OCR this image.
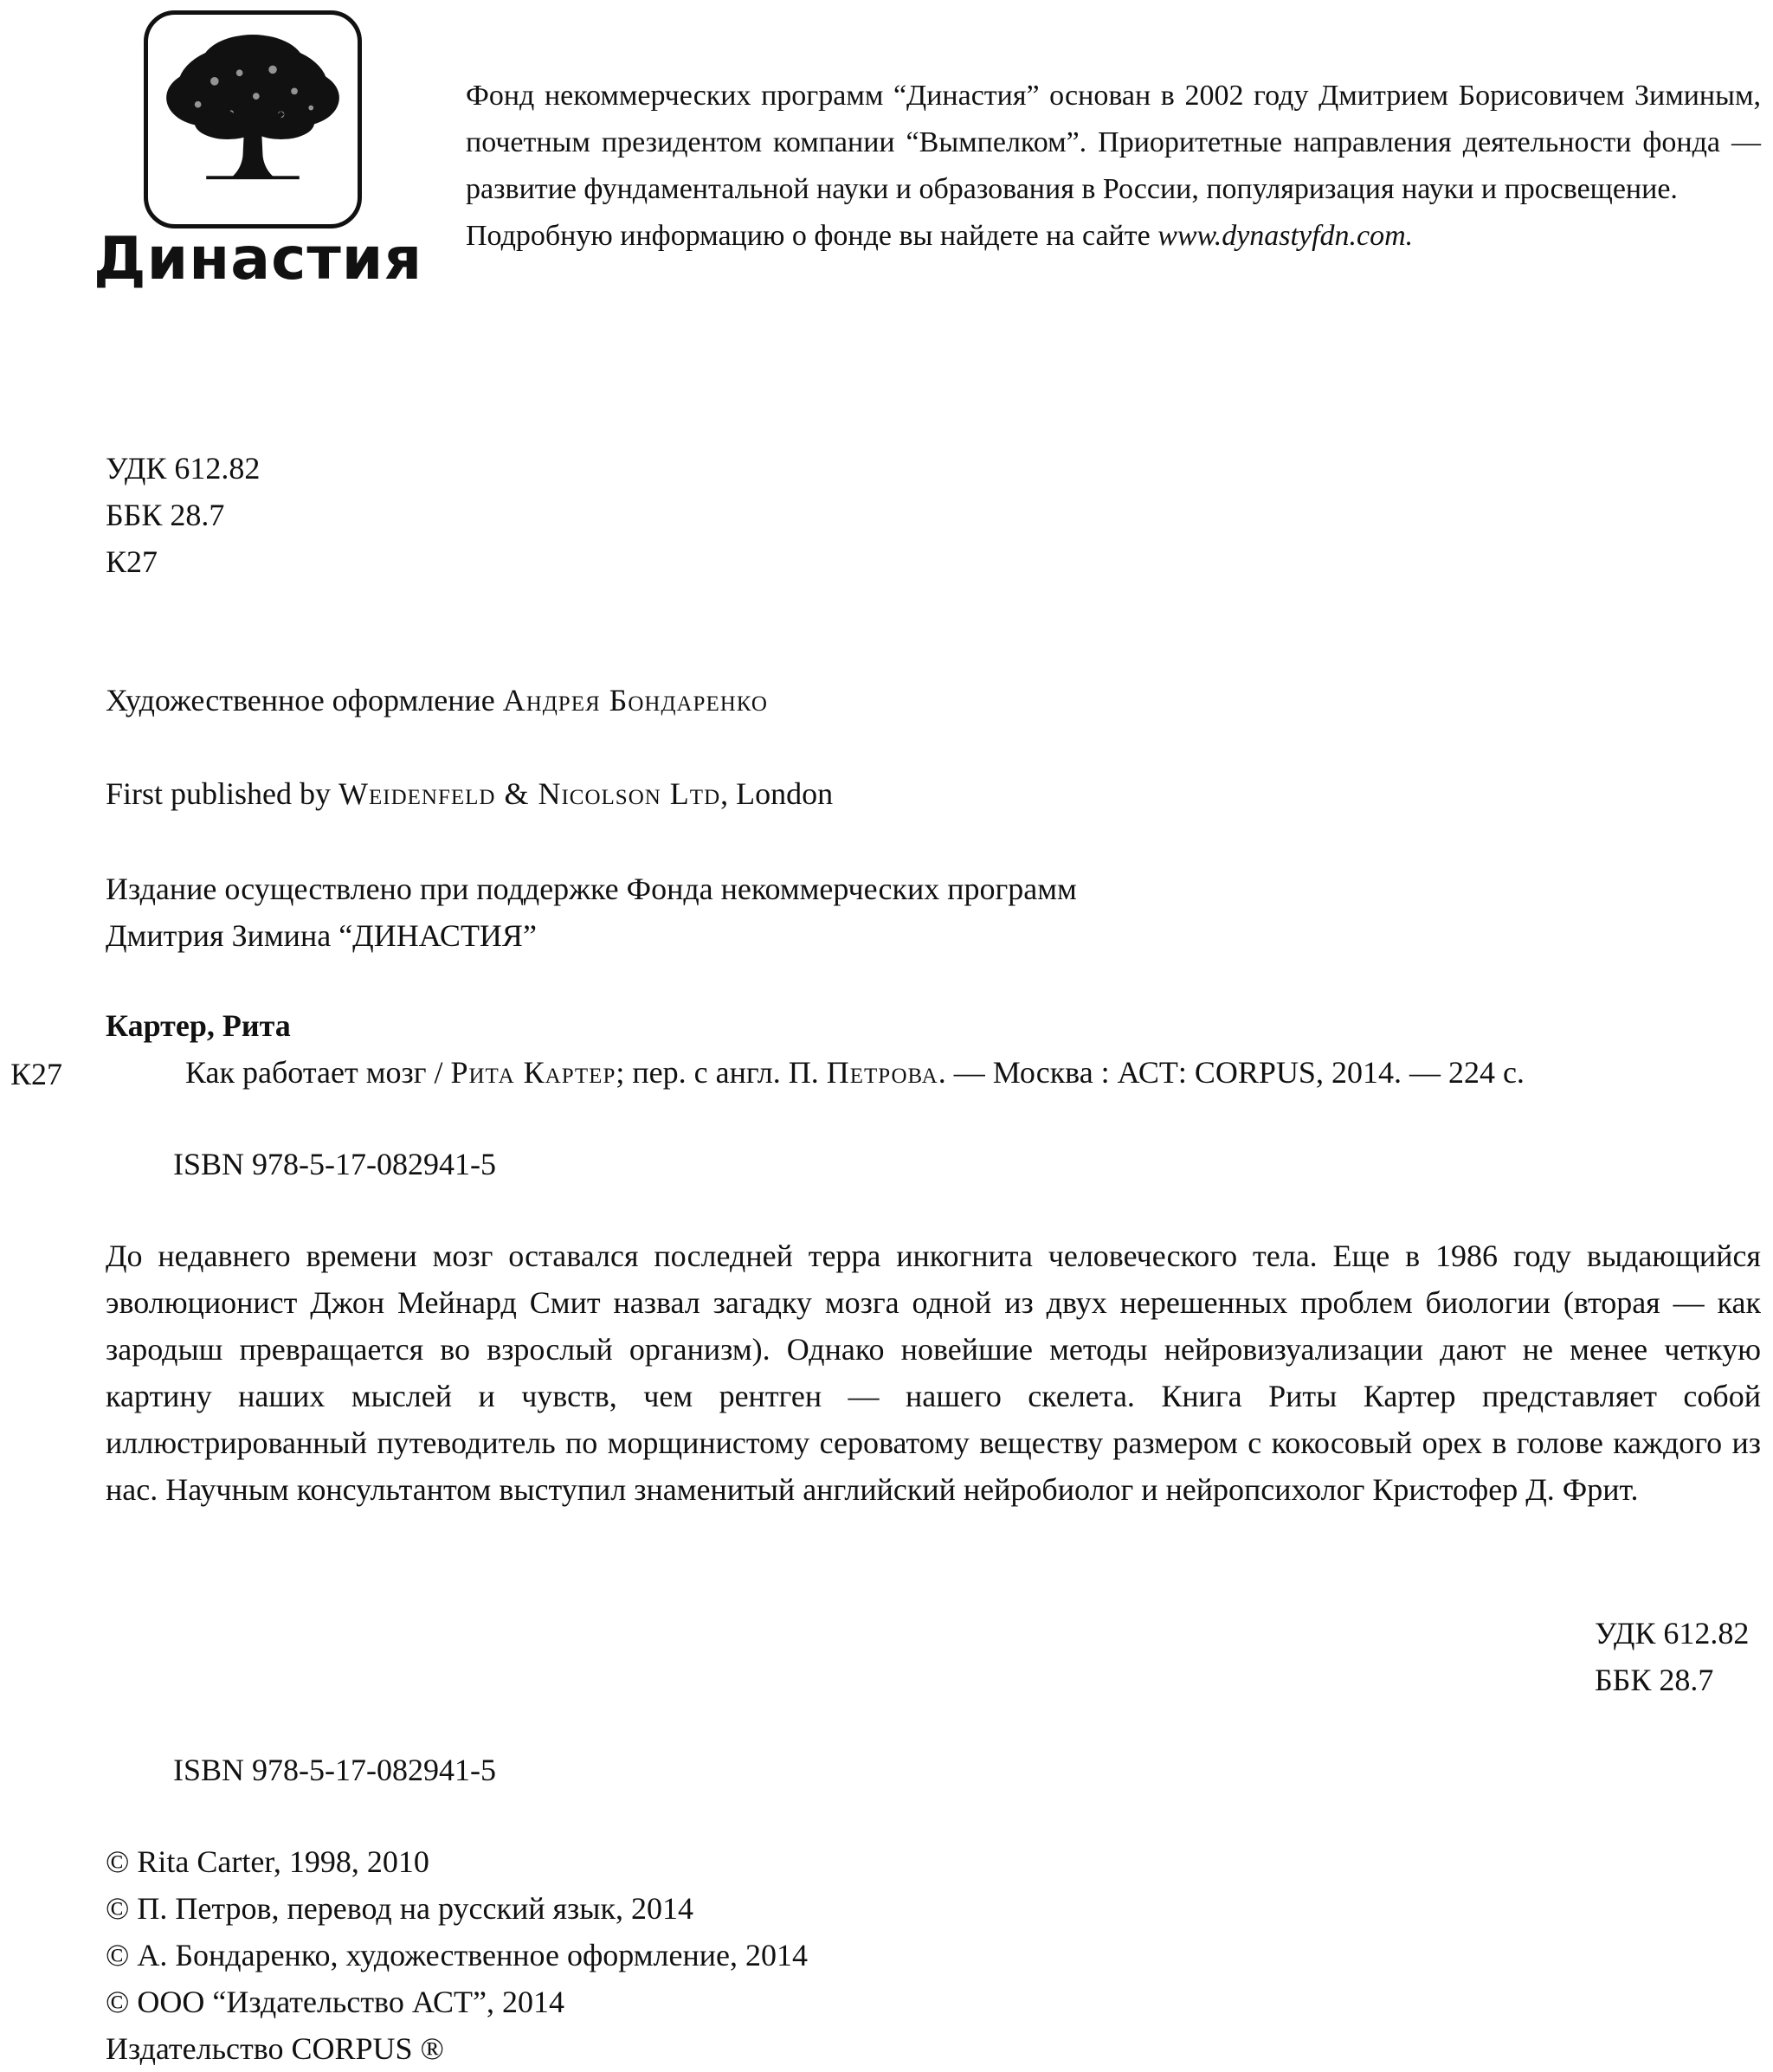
Династия

Фонд некоммерческих программ “Династия” основан в 2002 году Дмитрием Борисовичем Зиминым, почетным президентом компании “Вымпелком”. Приоритетные направления деятельности фонда — развитие фундаментальной науки и образования в России, популяризация науки и просвещение.

Подробную информацию о фонде вы найдете на сайте www.dynastyfdn.com.

УДК 612.82
ББК 28.7
К27
Художественное оформление Андрея Бондаренко
First published by Weidenfeld & Nicolson Ltd, London
Издание осуществлено при поддержке Фонда некоммерческих программ
Дмитрия Зимина “ДИНАСТИЯ”
Картер, Рита
К27	Как работает мозг / Рита Картер; пер. с англ. П. Петрова. — Москва : АСТ: CORPUS, 2014. — 224 с.
ISBN 978-5-17-082941-5

До недавнего времени мозг оставался последней терра инкогнита человеческого тела. Еще в 1986 году выдающийся эволюционист Джон Мейнард Смит назвал загадку мозга одной из двух нерешенных проблем биологии (вторая — как зародыш превращается во взрослый организм). Однако новейшие методы нейровизуализации дают не менее четкую картину наших мыслей и чувств, чем рентген — нашего скелета. Книга Риты Картер представляет собой иллюстрированный путеводитель по морщинистому сероватому веществу размером с кокосовый орех в голове каждого из нас. Научным консультантом выступил знаменитый английский нейробиолог и нейропсихолог Кристофер Д. Фрит.

УДК 612.82
ББК 28.7
ISBN 978-5-17-082941-5
© Rita Carter, 1998, 2010
© П. Петров, перевод на русский язык, 2014
© А. Бондаренко, художественное оформление, 2014
© ООО “Издательство АСТ”, 2014
Издательство CORPUS ®
